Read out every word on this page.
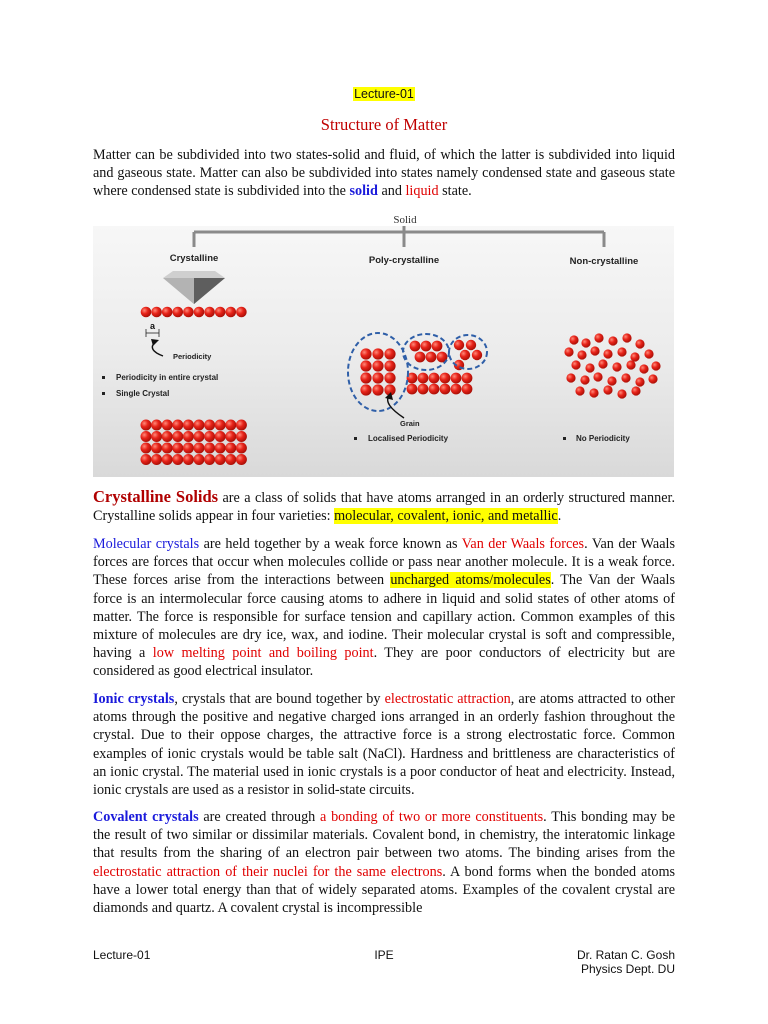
Lecture-01
Structure of Matter

Matter can be subdivided into two states-solid and fluid, of which the latter is subdivided into liquid and gaseous state. Matter can also be subdivided into states namely condensed state and gaseous state where condensed state is subdivided into the solid and liquid state.

Solid
Crystalline	Poly-crystalline	Non-crystalline
a
Periodicity
Periodicity in entire crystal
Single Crystal
Grain
Localised Periodicity	No Periodicity

Crystalline Solids are a class of solids that have atoms arranged in an orderly structured manner. Crystalline solids appear in four varieties: molecular, covalent, ionic, and metallic.

Molecular crystals are held together by a weak force known as Van der Waals forces. Van der Waals forces are forces that occur when molecules collide or pass near another molecule. It is a weak force. These forces arise from the interactions between uncharged atoms/molecules. The Van der Waals force is an intermolecular force causing atoms to adhere in liquid and solid states of other atoms of matter. The force is responsible for surface tension and capillary action. Common examples of this mixture of molecules are dry ice, wax, and iodine. Their molecular crystal is soft and compressible, having a low melting point and boiling point. They are poor conductors of electricity but are considered as good electrical insulator.

Ionic crystals, crystals that are bound together by electrostatic attraction, are atoms attracted to other atoms through the positive and negative charged ions arranged in an orderly fashion throughout the crystal. Due to their oppose charges, the attractive force is a strong electrostatic force. Common examples of ionic crystals would be table salt (NaCl). Hardness and brittleness are characteristics of an ionic crystal. The material used in ionic crystals is a poor conductor of heat and electricity. Instead, ionic crystals are used as a resistor in solid-state circuits.

Covalent crystals are created through a bonding of two or more constituents. This bonding may be the result of two similar or dissimilar materials. Covalent bond, in chemistry, the interatomic linkage that results from the sharing of an electron pair between two atoms. The binding arises from the electrostatic attraction of their nuclei for the same electrons. A bond forms when the bonded atoms have a lower total energy than that of widely separated atoms. Examples of the covalent crystal are diamonds and quartz. A covalent crystal is incompressible

Lecture-01	IPE	Dr. Ratan C. Gosh
Physics Dept. DU
